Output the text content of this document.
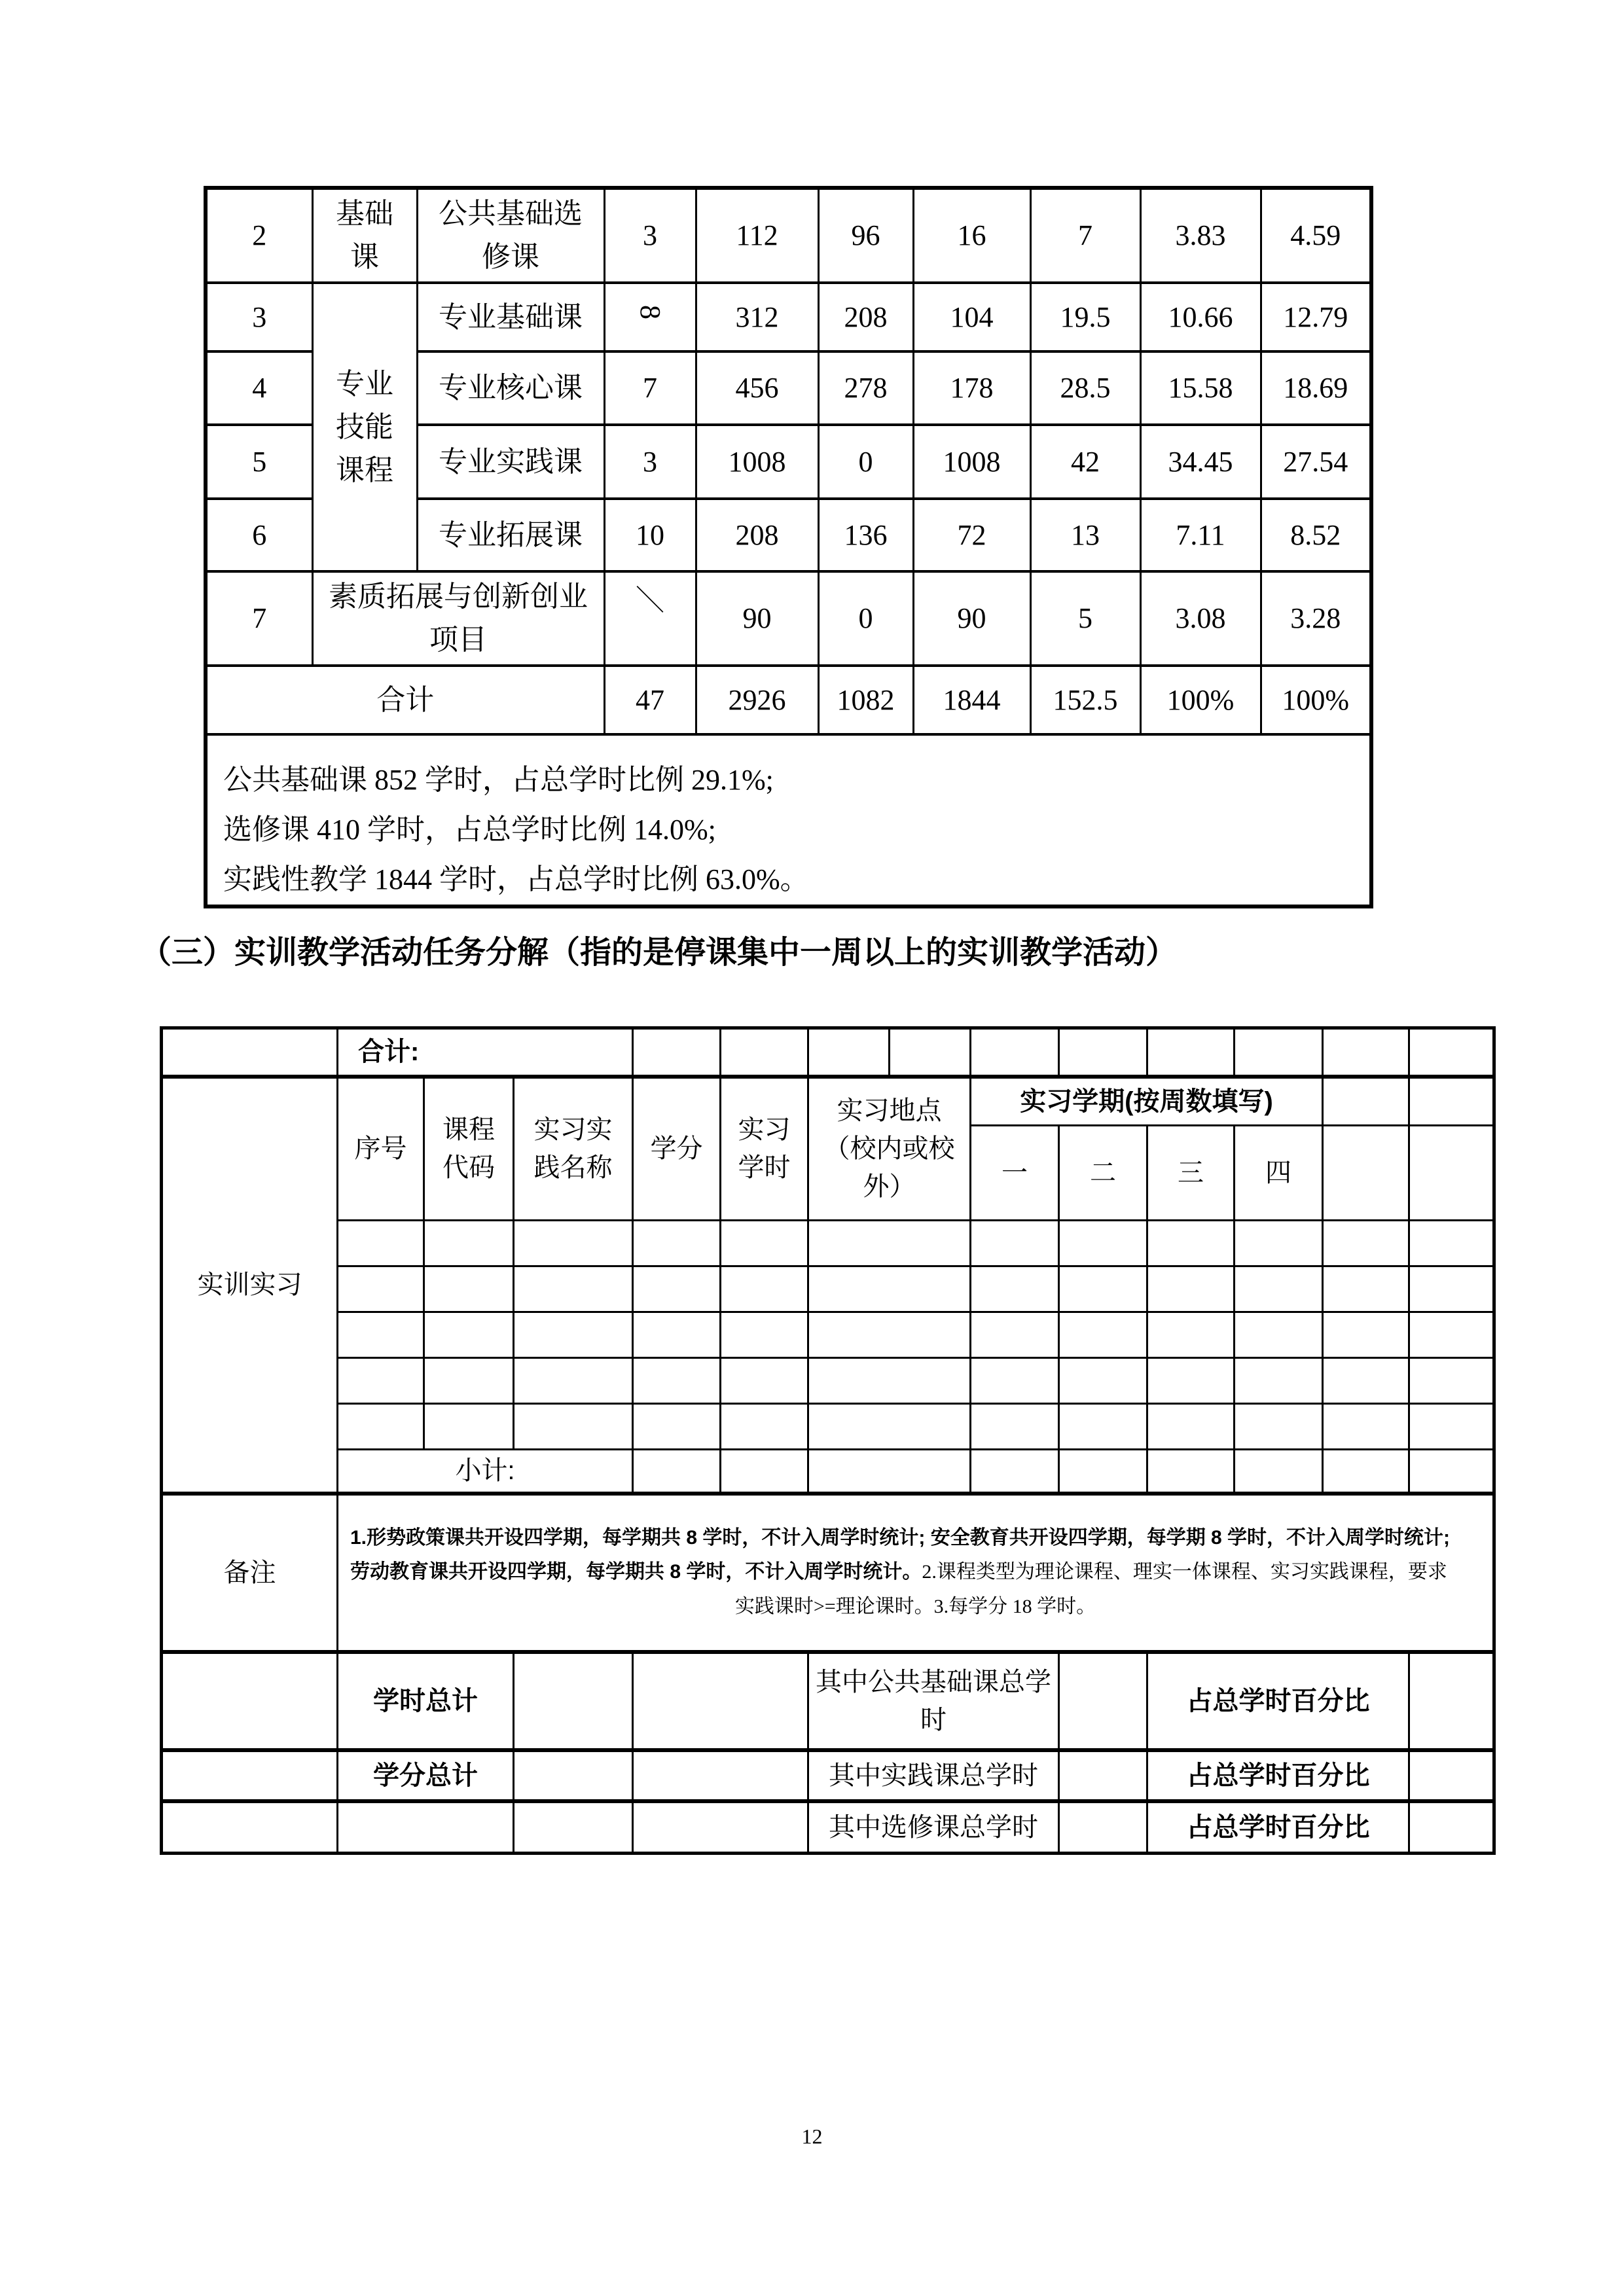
2	基础课	公共基础选修课	3	112	96	16	7	3.83	4.59
3	专业技能课程	专业基础课	8	312	208	104	19.5	10.66	12.79
4		专业核心课	7	456	278	178	28.5	15.58	18.69
5		专业实践课	3	1008	0	1008	42	34.45	27.54
6		专业拓展课	10	208	136	72	13	7.11	8.52
7	素质拓展与创新创业项目		＼	90	0	90	5	3.08	3.28
合计			47	2926	1082	1844	152.5	100%	100%

公共基础课 852 学时，占总学时比例 29.1%;
选修课 410 学时，占总学时比例 14.0%;
实践性教学 1844 学时，占总学时比例 63.0%。									
（三）实训教学活动任务分解（指的是停课集中一周以上的实训教学活动）
	合计:												
实训实习	序号	课程代码	实习实践名称	学分	实习学时	实习地点（校内或校外）		实习学期(按周数填写)					
								一	二	三	四		

	小计:												
备注	1.形势政策课共开设四学期，每学期共 8 学时，不计入周学时统计; 安全教育共开设四学期，每学期 8 学时，不计入周学时统计;
劳动教育课共开设四学期，每学期共 8 学时，不计入周学时统计。2.课程类型为理论课程、理实一体课程、实习实践课程，要求
实践课时>=理论课时。3.每学分 18 学时。												

	学时总计					其中公共基础课总学时				占总学时百分比			
	学分总计					其中实践课总学时				占总学时百分比			
						其中选修课总学时				占总学时百分比			
12
